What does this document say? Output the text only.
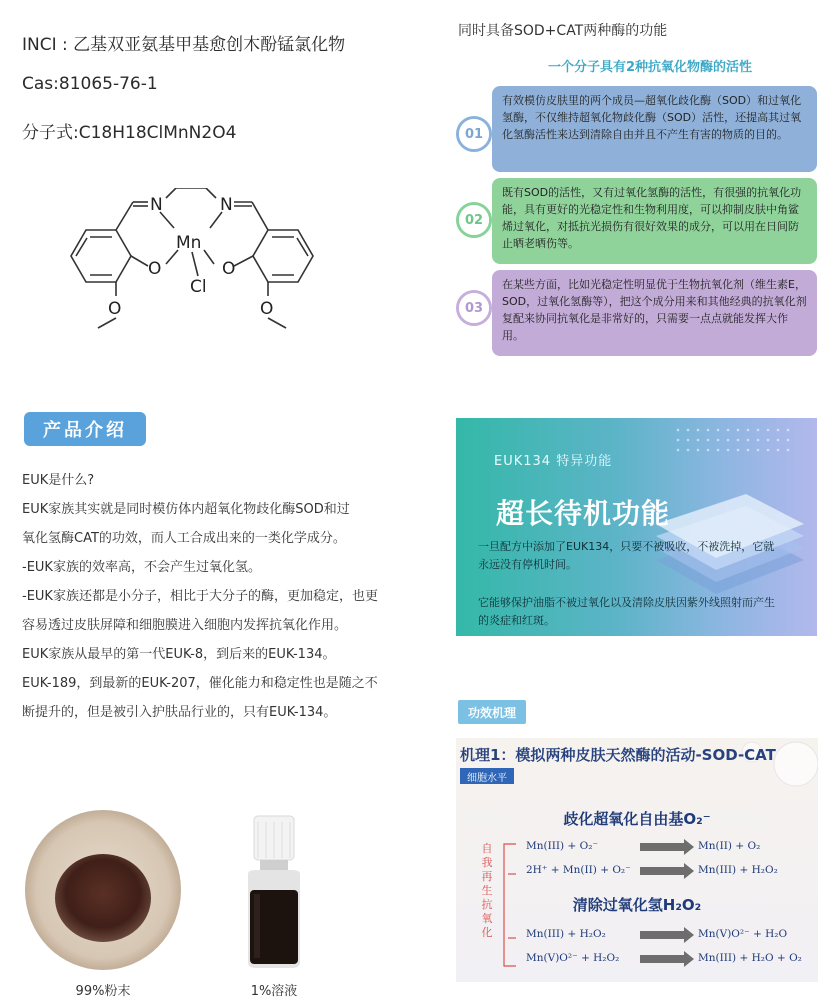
INCI : 乙基双亚氨基甲基愈创木酚锰氯化物
Cas:81065-76-1
分子式:C18H18ClMnN2O4
N	N
Mn
O	O
Cl
O	O
产品介绍

EUK是什么?

EUK家族其实就是同时模仿体内超氧化物歧化酶SOD和过

氧化氢酶CAT的功效，而人工合成出来的一类化学成分。

-EUK家族的效率高，不会产生过氧化氢。

-EUK家族还都是小分子，相比于大分子的酶，更加稳定，也更

容易透过皮肤屏障和细胞膜进入细胞内发挥抗氧化作用。

EUK家族从最早的第一代EUK-8，到后来的EUK-134。

EUK-189，到最新的EUK-207，催化能力和稳定性也是随之不

断提升的，但是被引入护肤品行业的，只有EUK-134。

99%粉末	1%溶液
同时具备SOD+CAT两种酶的功能
一个分子具有2种抗氧化物酶的活性
01
有效模仿皮肤里的两个成员—超氧化歧化酶（SOD）和过氧化氢酶，不仅维持超氧化物歧化酶（SOD）活性，还提高其过氧化氢酶活性来达到清除自由并且不产生有害的物质的目的。
02
既有SOD的活性，又有过氧化氢酶的活性，有很强的抗氧化功能，具有更好的光稳定性和生物利用度，可以抑制皮肤中角鲨烯过氧化，对抵抗光损伤有很好效果的成分，可以用在日间防止晒老晒伤等。
03
在某些方面，比如光稳定性明显优于生物抗氧化剂（维生素E，SOD，过氧化氢酶等），把这个成分用来和其他经典的抗氧化剂复配来协同抗氧化是非常好的，只需要一点点就能发挥大作用。
EUK134 特异功能
超长待机功能
一旦配方中添加了EUK134，只要不被吸收，不被洗掉，它就永远没有停机时间。
它能够保护油脂不被过氧化以及清除皮肤因紫外线照射而产生的炎症和红斑。
功效机理
机理1：模拟两种皮肤天然酶的活动-SOD-CAT
细胞水平
歧化超氧化自由基O₂⁻
自我再生抗氧化
Mn(III) + O₂⁻	→ Mn(II) + O₂
2H⁺ + Mn(II) + O₂⁻ → Mn(III) + H₂O₂
清除过氧化氢H₂O₂
Mn(III) + H₂O₂ → Mn(V)O²⁻ + H₂O
Mn(V)O²⁻ + H₂O₂ → Mn(III) + H₂O + O₂
